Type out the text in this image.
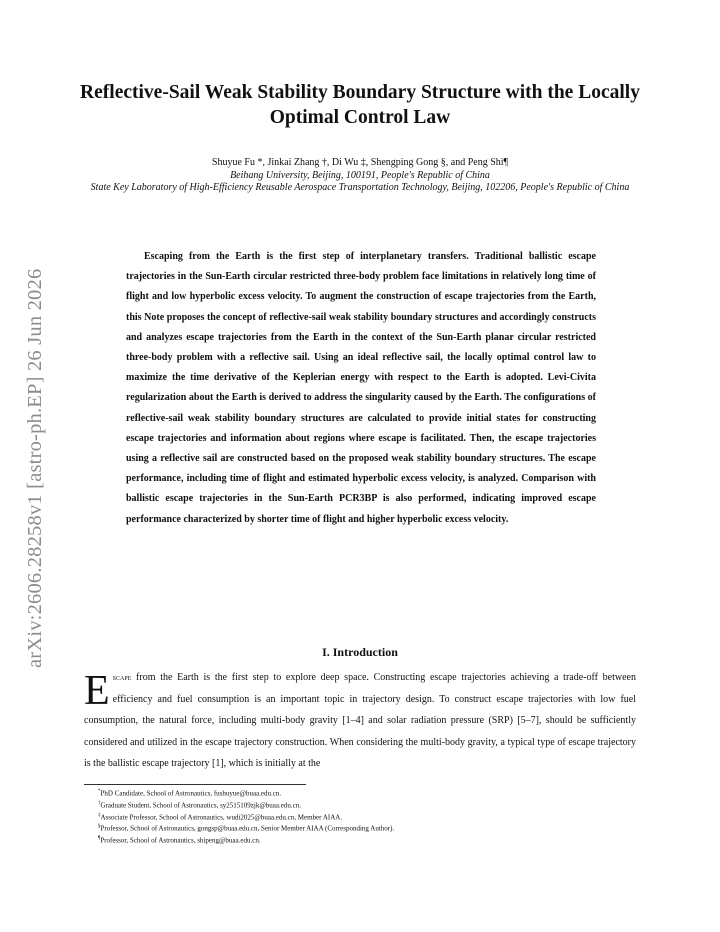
arXiv:2606.28258v1 [astro-ph.EP] 26 Jun 2026
Reflective-Sail Weak Stability Boundary Structure with the Locally Optimal Control Law
Shuyue Fu *, Jinkai Zhang †, Di Wu ‡, Shengping Gong §, and Peng Shi¶
Beihang University, Beijing, 100191, People's Republic of China
State Key Laboratory of High-Efficiency Reusable Aerospace Transportation Technology, Beijing, 102206, People's Republic of China

Escaping from the Earth is the first step of interplanetary transfers. Traditional ballistic escape trajectories in the Sun-Earth circular restricted three-body problem face limitations in relatively long time of flight and low hyperbolic excess velocity. To augment the construction of escape trajectories from the Earth, this Note proposes the concept of reflective-sail weak stability boundary structures and accordingly constructs and analyzes escape trajectories from the Earth in the context of the Sun-Earth planar circular restricted three-body problem with a reflective sail. Using an ideal reflective sail, the locally optimal control law to maximize the time derivative of the Keplerian energy with respect to the Earth is adopted. Levi-Civita regularization about the Earth is derived to address the singularity caused by the Earth. The configurations of reflective-sail weak stability boundary structures are calculated to provide initial states for constructing escape trajectories and information about regions where escape is facilitated. Then, the escape trajectories using a reflective sail are constructed based on the proposed weak stability boundary structures. The escape performance, including time of flight and estimated hyperbolic excess velocity, is analyzed. Comparison with ballistic escape trajectories in the Sun-Earth PCR3BP is also performed, indicating improved escape performance characterized by shorter time of flight and higher hyperbolic excess velocity.

I. Introduction

Escape from the Earth is the first step to explore deep space. Constructing escape trajectories achieving a trade-off between efficiency and fuel consumption is an important topic in trajectory design. To construct escape trajectories with low fuel consumption, the natural force, including multi-body gravity [1–4] and solar radiation pressure (SRP) [5–7], should be sufficiently considered and utilized in the escape trajectory construction. When considering the multi-body gravity, a typical type of escape trajectory is the ballistic escape trajectory [1], which is initially at the

*PhD Candidate, School of Astronautics, fushuyue@buaa.edu.cn.
†Graduate Student, School of Astronautics, sy2515109zjk@buaa.edu.cn.
‡Associate Professor, School of Astronautics, wudi2025@buaa.edu.cn, Member AIAA.
§Professor, School of Astronautics, gongsp@buaa.edu.cn, Senior Member AIAA (Corresponding Author).
¶Professor, School of Astronautics, shipeng@buaa.edu.cn.
